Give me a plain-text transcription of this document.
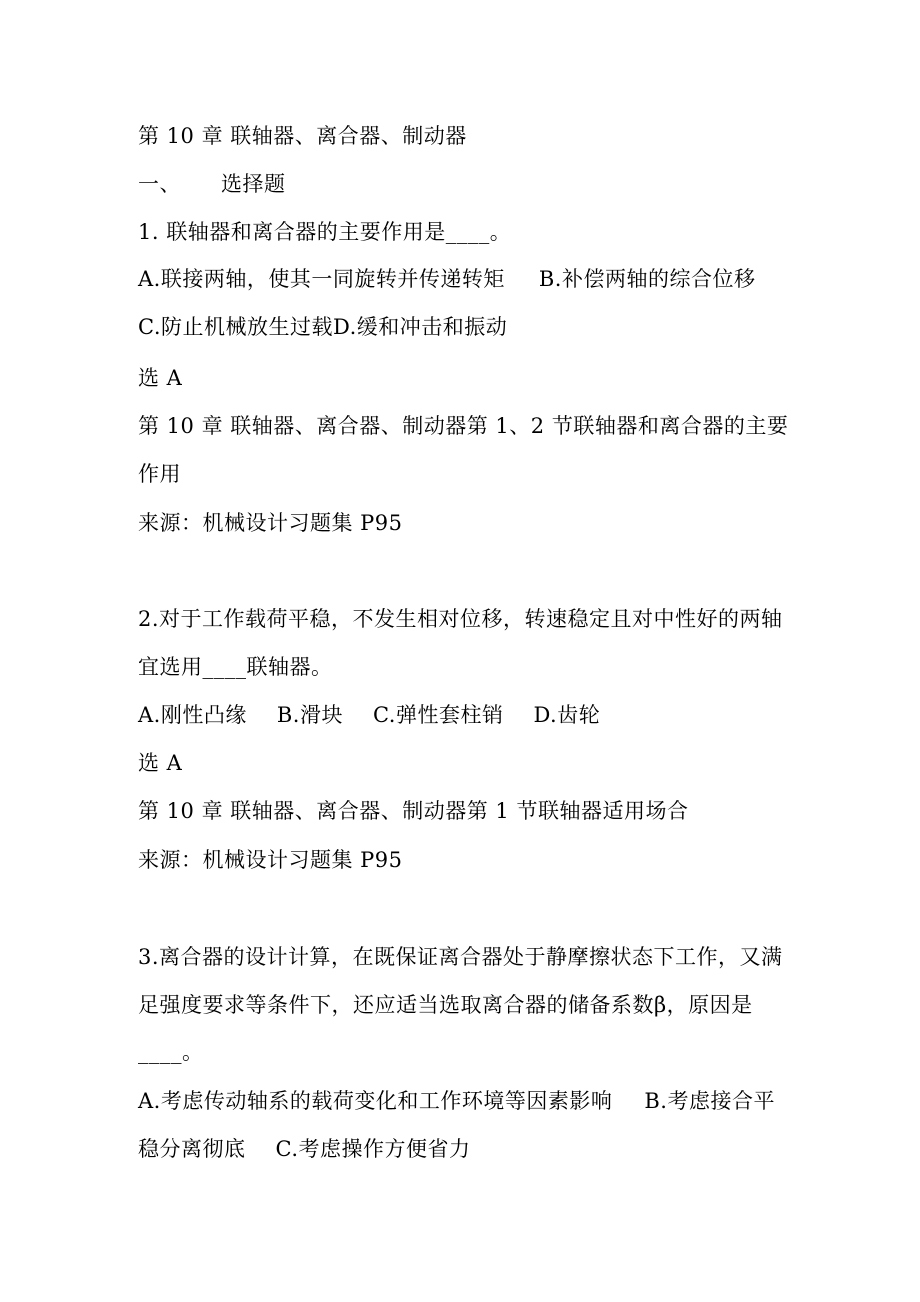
第 10 章 联轴器、离合器、制动器
一、 选择题
1. 联轴器和离合器的主要作用是____。
A.联接两轴，使其一同旋转并传递转矩 B.补偿两轴的综合位移
C.防止机械放生过载D.缓和冲击和振动
选 A
第 10 章 联轴器、离合器、制动器第 1、2 节联轴器和离合器的主要
作用
来源：机械设计习题集 P95
2.对于工作载荷平稳，不发生相对位移，转速稳定且对中性好的两轴
宜选用____联轴器。
A.刚性凸缘 B.滑块 C.弹性套柱销 D.齿轮
选 A
第 10 章 联轴器、离合器、制动器第 1 节联轴器适用场合
来源：机械设计习题集 P95
3.离合器的设计计算，在既保证离合器处于静摩擦状态下工作，又满
足强度要求等条件下，还应适当选取离合器的储备系数β，原因是
____。
A.考虑传动轴系的载荷变化和工作环境等因素影响 B.考虑接合平
稳分离彻底 C.考虑操作方便省力
